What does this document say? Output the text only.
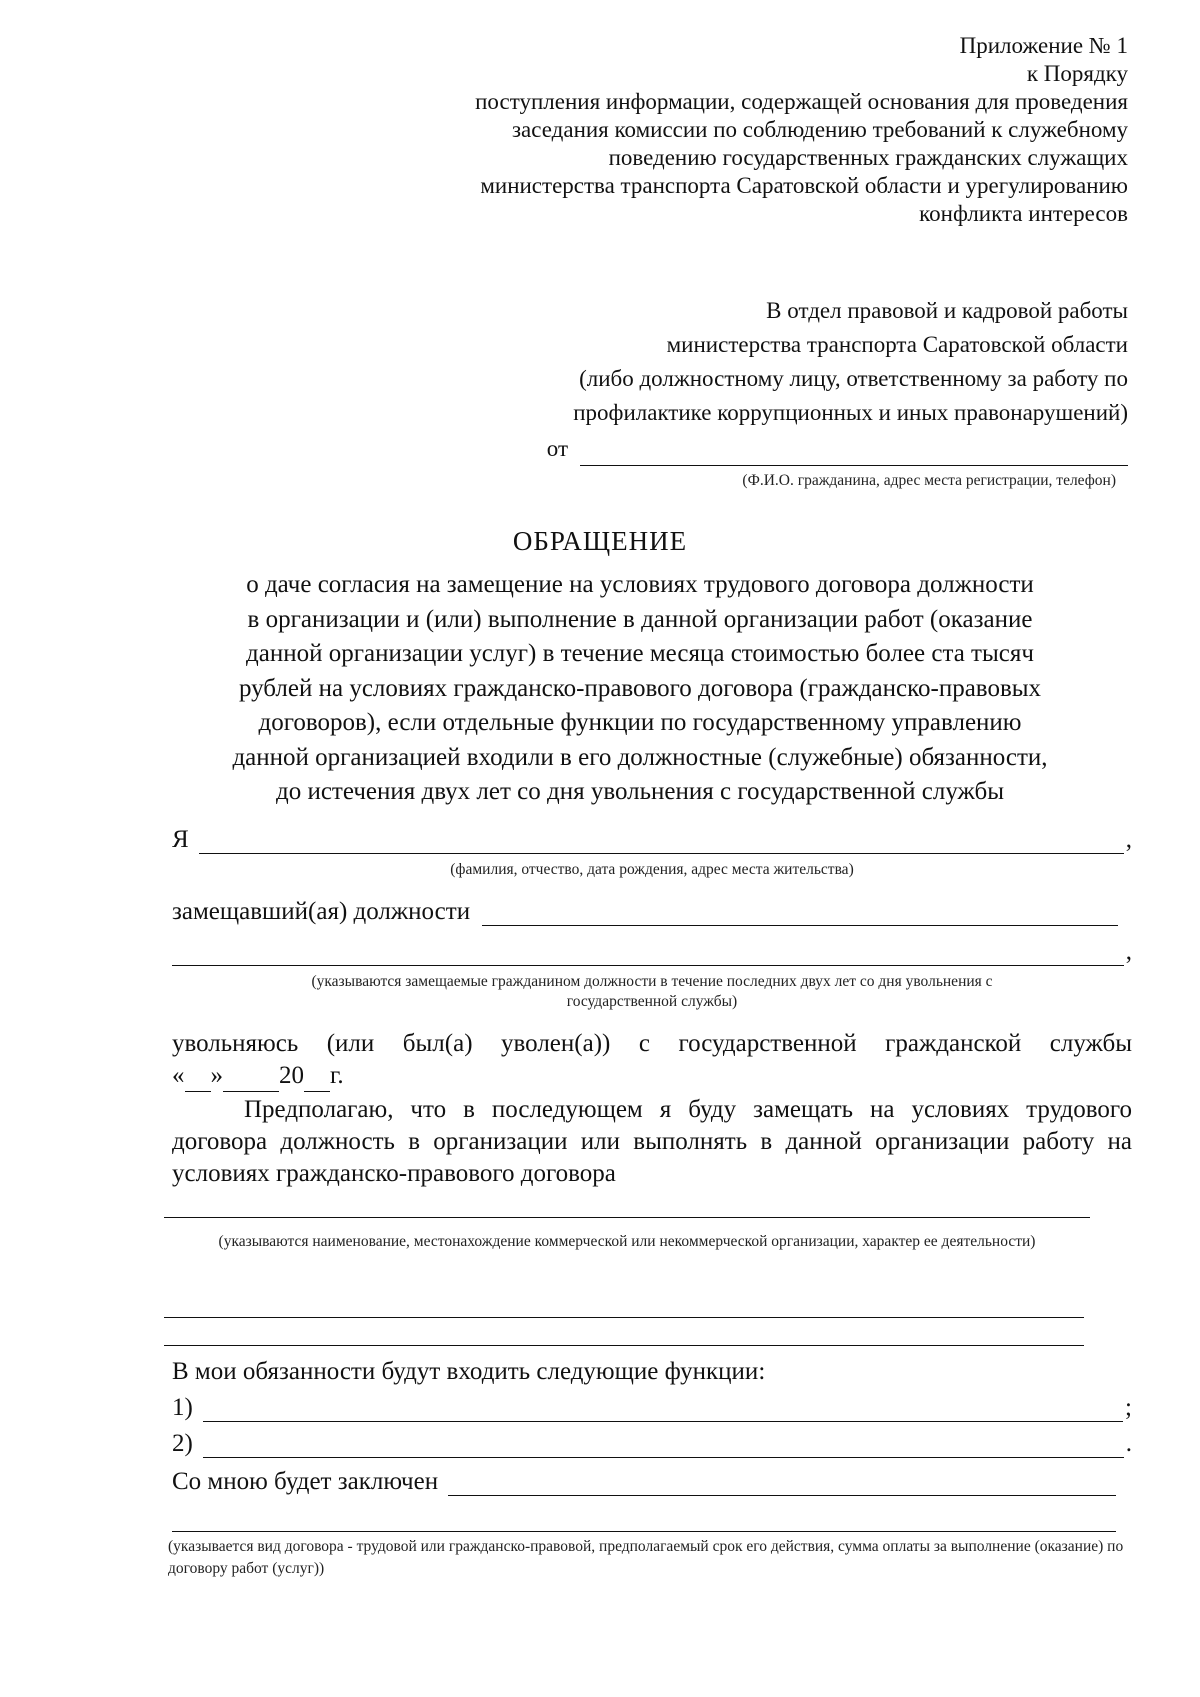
Приложение № 1
к Порядку
поступления информации, содержащей основания для проведения
заседания комиссии по соблюдению требований к служебному
поведению государственных гражданских служащих
министерства транспорта Саратовской области и урегулированию
конфликта интересов
В отдел правовой и кадровой работы
министерства транспорта Саратовской области
(либо должностному лицу, ответственному за работу по
профилактике коррупционных и иных правонарушений)
от
(Ф.И.О. гражданина, адрес места регистрации, телефон)
ОБРАЩЕНИЕ
о даче согласия на замещение на условиях трудового договора должности
в организации и (или) выполнение в данной организации работ (оказание
данной организации услуг) в течение месяца стоимостью более ста тысяч
рублей на условиях гражданско-правового договора (гражданско-правовых
договоров), если отдельные функции по государственному управлению
данной организацией входили в его должностные (служебные) обязанности,
до истечения двух лет со дня увольнения с государственной службы
Я	,
(фамилия, отчество, дата рождения, адрес места жительства)
замещавший(ая) должности
,
(указываются замещаемые гражданином должности в течение последних двух лет со дня увольнения с
государственной службы)
увольняюсь (или был(а) уволен(а)) с государственной гражданской службы
« » 20 г.
Предполагаю, что в последующем я буду замещать на условиях трудового договора должность в организации или выполнять в данной организации работу на условиях гражданско-правового договора
(указываются наименование, местонахождение коммерческой или некоммерческой организации, характер ее деятельности)
В мои обязанности будут входить следующие функции:
1)	;
2)	.
Со мною будет заключен
(указывается вид договора - трудовой или гражданско-правовой, предполагаемый срок его действия, сумма оплаты за выполнение (оказание) по договору работ (услуг))
